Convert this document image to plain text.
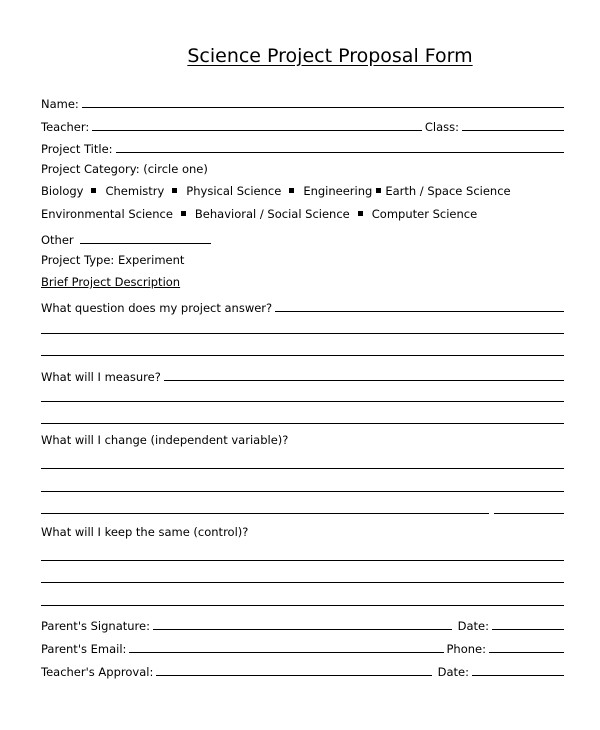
Science Project Proposal Form
Name:
Teacher:	Class:
Project Title:
Project Category: (circle one)
Biology Chemistry Physical Science Engineering Earth / Space Science
Environmental Science Behavioral / Social Science Computer Science
Other
Project Type: Experiment
Brief Project Description
What question does my project answer?
What will I measure?
What will I change (independent variable)?
What will I keep the same (control)?
Parent's Signature:	Date:
Parent's Email:	Phone:
Teacher's Approval:	Date:
